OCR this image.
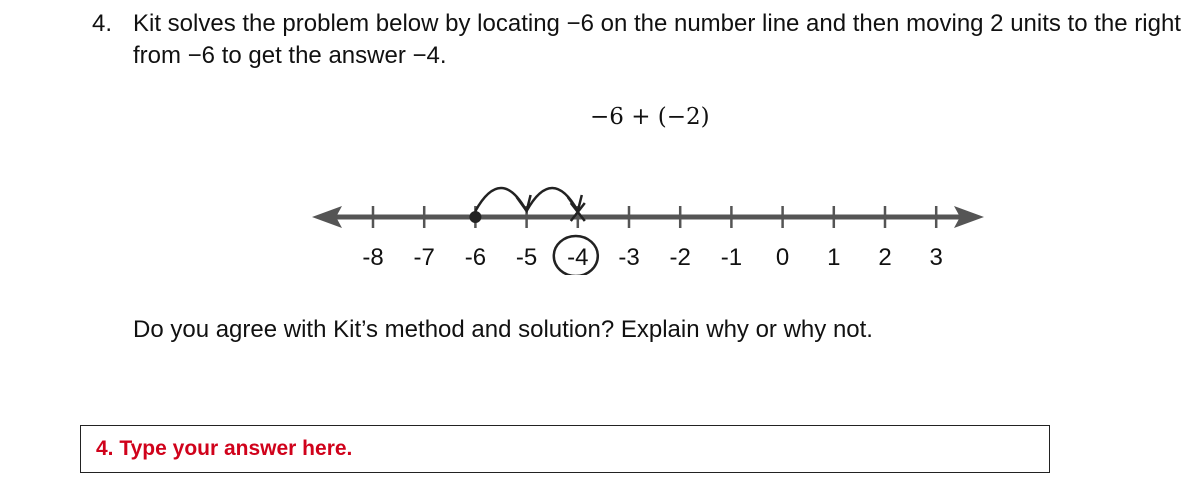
4. Kit solves the problem below by locating −6 on the number line and then moving 2 units to the right
from −6 to get the answer −4.
−6 + (−2)
-8 -7 -6 -5 -4 -3 -2 -1 0 1 2 3
Do you agree with Kit’s method and solution? Explain why or why not.
4. Type your answer here.
